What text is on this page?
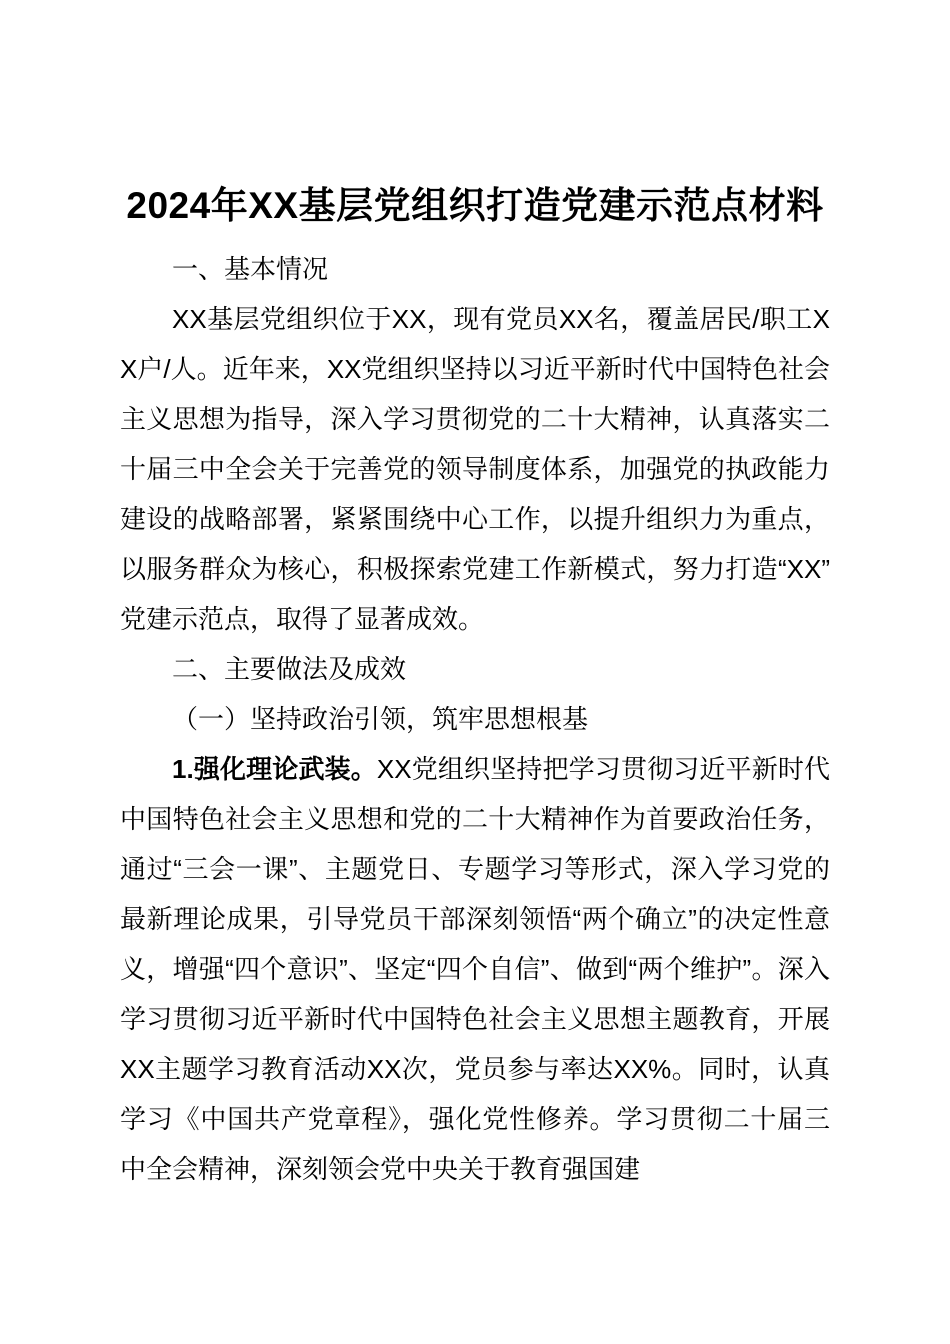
2024年XX基层党组织打造党建示范点材料

一、基本情况

XX基层党组织位于XX，现有党员XX名，覆盖居民/职工XX户/人。近年来，XX党组织坚持以习近平新时代中国特色社会主义思想为指导，深入学习贯彻党的二十大精神，认真落实二十届三中全会关于完善党的领导制度体系，加强党的执政能力建设的战略部署，紧紧围绕中心工作，以提升组织力为重点，以服务群众为核心，积极探索党建工作新模式，努力打造“XX”党建示范点，取得了显著成效。

二、主要做法及成效

（一）坚持政治引领，筑牢思想根基

1.强化理论武装。XX党组织坚持把学习贯彻习近平新时代中国特色社会主义思想和党的二十大精神作为首要政治任务，通过“三会一课”、主题党日、专题学习等形式，深入学习党的最新理论成果，引导党员干部深刻领悟“两个确立”的决定性意义，增强“四个意识”、坚定“四个自信”、做到“两个维护”。深入学习贯彻习近平新时代中国特色社会主义思想主题教育，开展XX主题学习教育活动XX次，党员参与率达XX%。同时，认真学习《中国共产党章程》，强化党性修养。学习贯彻二十届三中全会精神，深刻领会党中央关于教育强国建
